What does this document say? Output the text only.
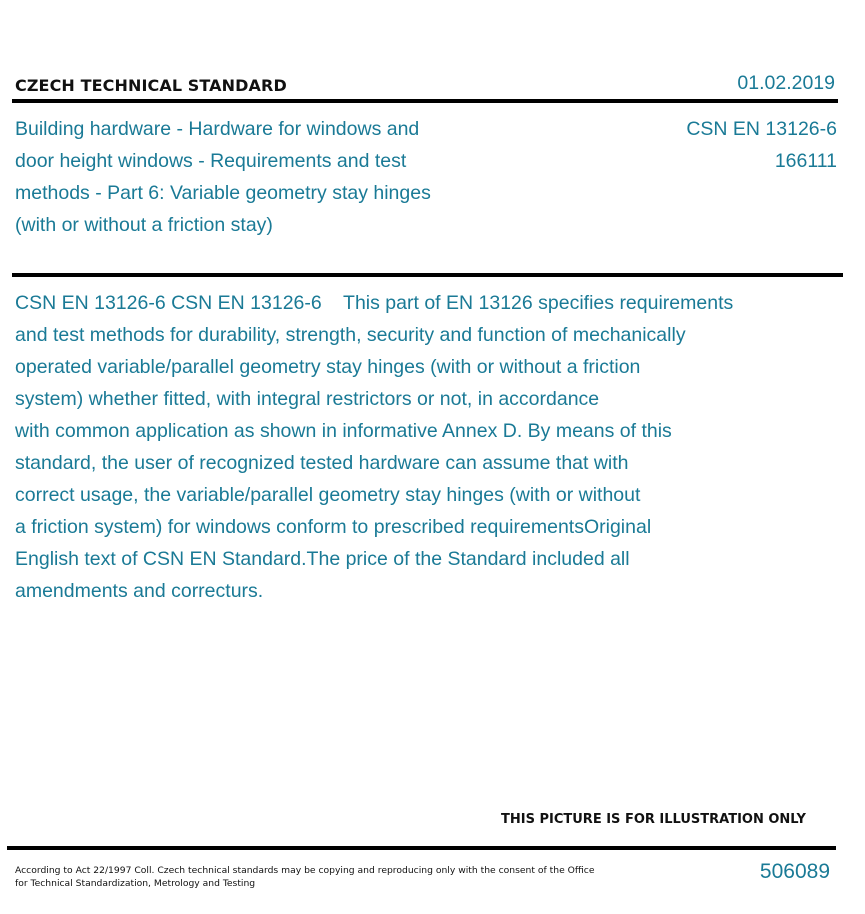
CZECH TECHNICAL STANDARD	01.02.2019
Building hardware - Hardware for windows and
door height windows - Requirements and test
methods - Part 6: Variable geometry stay hinges
(with or without a friction stay)
CSN EN 13126-6
166111
CSN EN 13126-6 CSN EN 13126-6    This part of EN 13126 specifies requirements
and test methods for durability, strength, security and function of mechanically
operated variable/parallel geometry stay hinges (with or without a friction
system) whether fitted, with integral restrictors or not, in accordance
with common application as shown in informative Annex D. By means of this
standard, the user of recognized tested hardware can assume that with
correct usage, the variable/parallel geometry stay hinges (with or without
a friction system) for windows conform to prescribed requirementsOriginal
English text of CSN EN Standard.The price of the Standard included all
amendments and correcturs.
THIS PICTURE IS FOR ILLUSTRATION ONLY
According to Act 22/1997 Coll. Czech technical standards may be copying and reproducing only with the consent of the Office
for Technical Standardization, Metrology and Testing
506089
